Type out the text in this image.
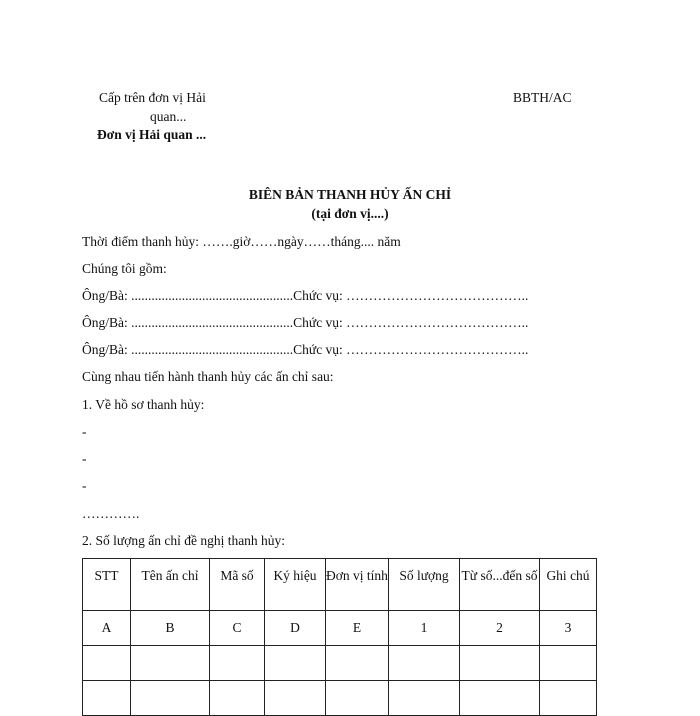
Cấp trên đơn vị Hải
quan...
Đơn vị Hải quan ...
BBTH/AC
BIÊN BẢN THANH HỦY ẤN CHỈ
(tại đơn vị....)
Thời điểm thanh hủy: …….giờ……ngày……tháng.... năm
Chúng tôi gồm:
Ông/Bà: ................................................Chức vụ: …………………………………..
Ông/Bà: ................................................Chức vụ: …………………………………..
Ông/Bà: ................................................Chức vụ: …………………………………..
Cùng nhau tiến hành thanh hủy các ấn chỉ sau:
1. Về hồ sơ thanh hủy:
-
-
-
………….
2. Số lượng ấn chỉ đề nghị thanh hủy:
STT	Tên ấn chỉ	Mã số	Ký hiệu	Đơn vị tính	Số lượng	Từ số...đến số	Ghi chú
A	B	C	D	E	1	2	3
